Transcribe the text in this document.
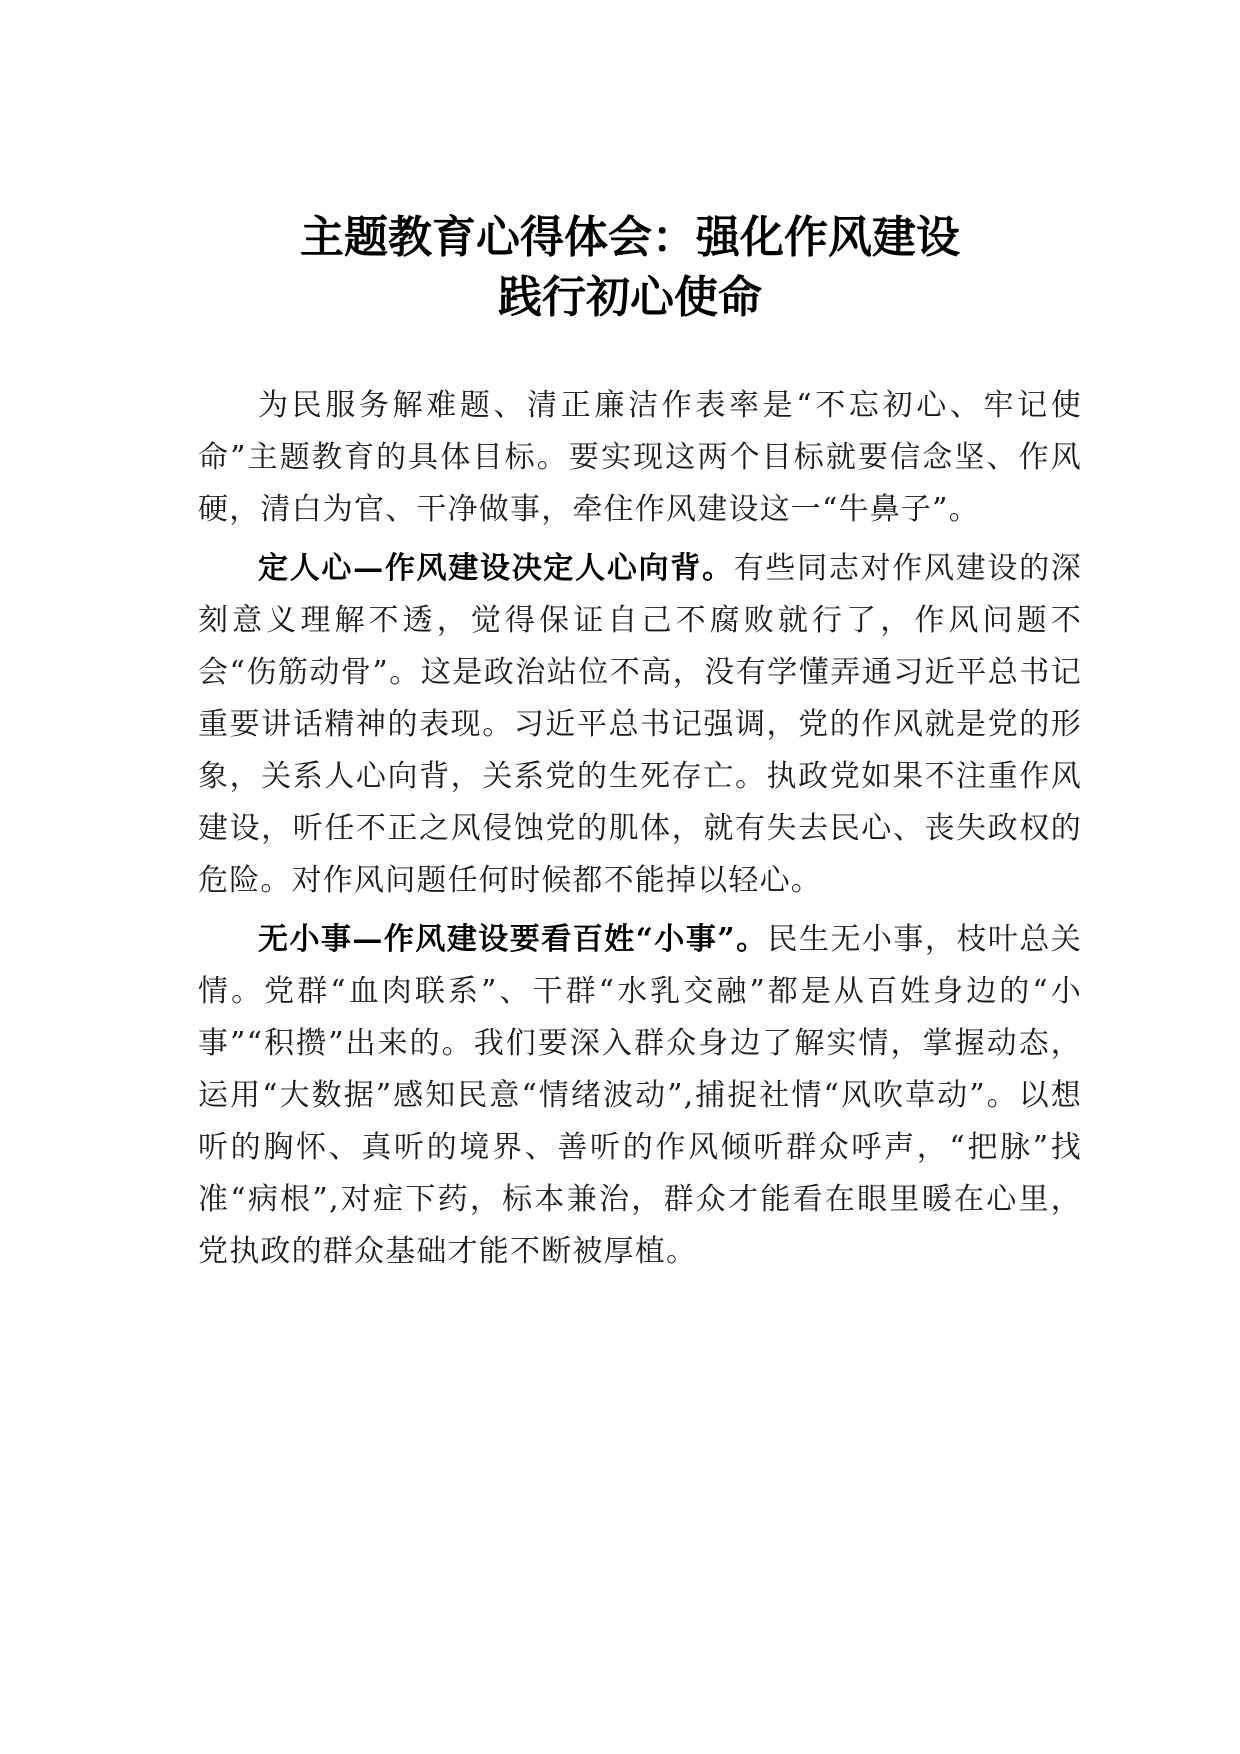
主题教育心得体会：强化作风建设
践行初心使命

为民服务解难题、清正廉洁作表率是“不忘初心、牢记使命”主题教育的具体目标。要实现这两个目标就要信念坚、作风硬，清白为官、干净做事，牵住作风建设这一“牛鼻子”。

定人心—作风建设决定人心向背。有些同志对作风建设的深刻意义理解不透，觉得保证自己不腐败就行了，作风问题不会“伤筋动骨”。这是政治站位不高，没有学懂弄通习近平总书记重要讲话精神的表现。习近平总书记强调，党的作风就是党的形象，关系人心向背，关系党的生死存亡。执政党如果不注重作风建设，听任不正之风侵蚀党的肌体，就有失去民心、丧失政权的危险。对作风问题任何时候都不能掉以轻心。

无小事—作风建设要看百姓“小事”。民生无小事，枝叶总关情。党群“血肉联系”、干群“水乳交融”都是从百姓身边的“小事”“积攒”出来的。我们要深入群众身边了解实情，掌握动态，运用“大数据”感知民意“情绪波动”,捕捉社情“风吹草动”。以想听的胸怀、真听的境界、善听的作风倾听群众呼声，“把脉”找准“病根”,对症下药，标本兼治，群众才能看在眼里暖在心里，党执政的群众基础才能不断被厚植。
